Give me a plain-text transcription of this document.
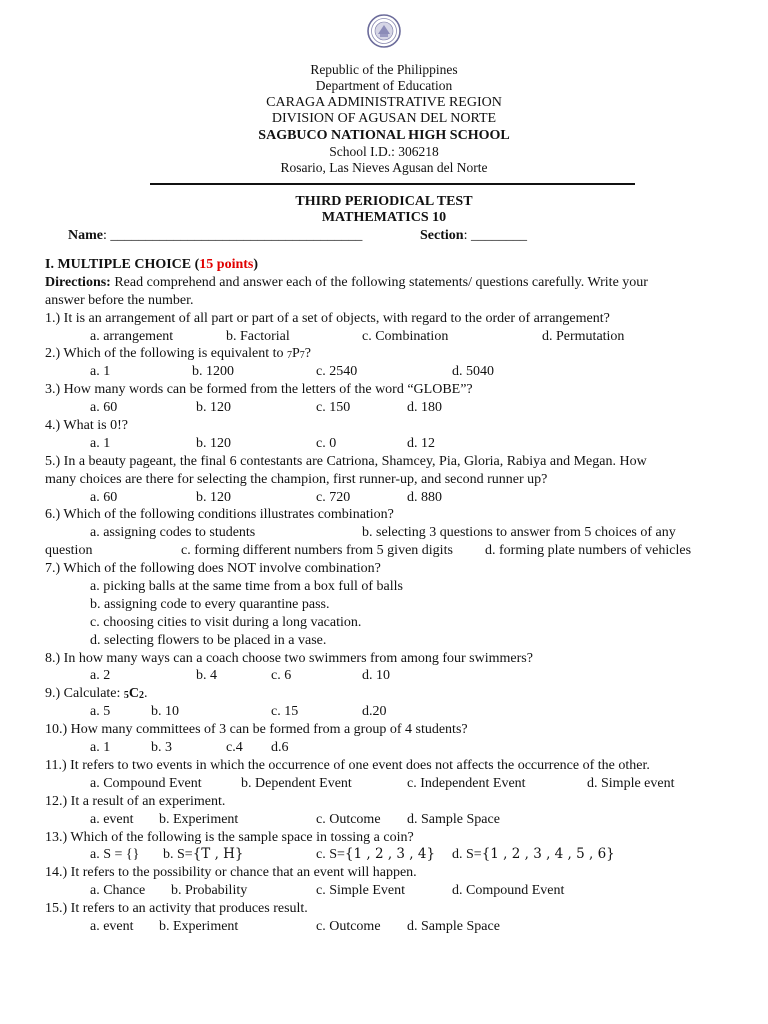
Republic of the Philippines
Department of Education
CARAGA ADMINISTRATIVE REGION
DIVISION OF AGUSAN DEL NORTE
SAGBUCO NATIONAL HIGH SCHOOL
School I.D.: 306218
Rosario, Las Nieves Agusan del Norte
THIRD PERIODICAL TEST
MATHEMATICS 10
Name: ____________________________________	Section: ________
I. MULTIPLE CHOICE (15 points)
Directions: Read comprehend and answer each of the following statements/ questions carefully. Write your
answer before the number.
1.) It is an arrangement of all part or part of a set of objects, with regard to the order of arrangement?
a. arrangement	b. Factorial	c. Combination	d. Permutation
2.) Which of the following is equivalent to $_7P_7$?
a. 1	b. 1200	c. 2540	d. 5040
3.) How many words can be formed from the letters of the word “GLOBE”?
a. 60	b. 120	c. 150	d. 180
4.) What is 0!?
a. 1	b. 120	c. 0	d. 12
5.) In a beauty pageant, the final 6 contestants are Catriona, Shamcey, Pia, Gloria, Rabiya and Megan. How
many choices are there for selecting the champion, first runner-up, and second runner up?
a. 60	b. 120	c. 720	d. 880
6.) Which of the following conditions illustrates combination?
a. assigning codes to students	b. selecting 3 questions to answer from 5 choices of any
question	c. forming different numbers from 5 given digits d. forming plate numbers of vehicles
7.) Which of the following does NOT involve combination?
a. picking balls at the same time from a box full of balls
b. assigning code to every quarantine pass.
c. choosing cities to visit during a long vacation.
d. selecting flowers to be placed in a vase.
8.) In how many ways can a coach choose two swimmers from among four swimmers?
a. 2	b. 4	c. 6	d. 10
9.) Calculate: $_5C_2$.
a. 5	b. 10	c. 15	d.20
10.) How many committees of 3 can be formed from a group of 4 students?
a. 1	b. 3	c.4 d.6
11.) It refers to two events in which the occurrence of one event does not affects the occurrence of the other.
a. Compound Event	b. Dependent Event	c. Independent Event	d. Simple event
12.) It a result of an experiment.
a. event b. Experiment	c. Outcome d. Sample Space
13.) Which of the following is the sample space in tossing a coin?
a. S = {} b. S={T , H}	c. S={1 , 2 , 3 , 4} d. S={1 , 2 , 3 , 4 , 5 , 6}
14.) It refers to the possibility or chance that an event will happen.
a. Chance b. Probability	c. Simple Event	d. Compound Event
15.) It refers to an activity that produces result.
a. event b. Experiment	c. Outcome d. Sample Space
